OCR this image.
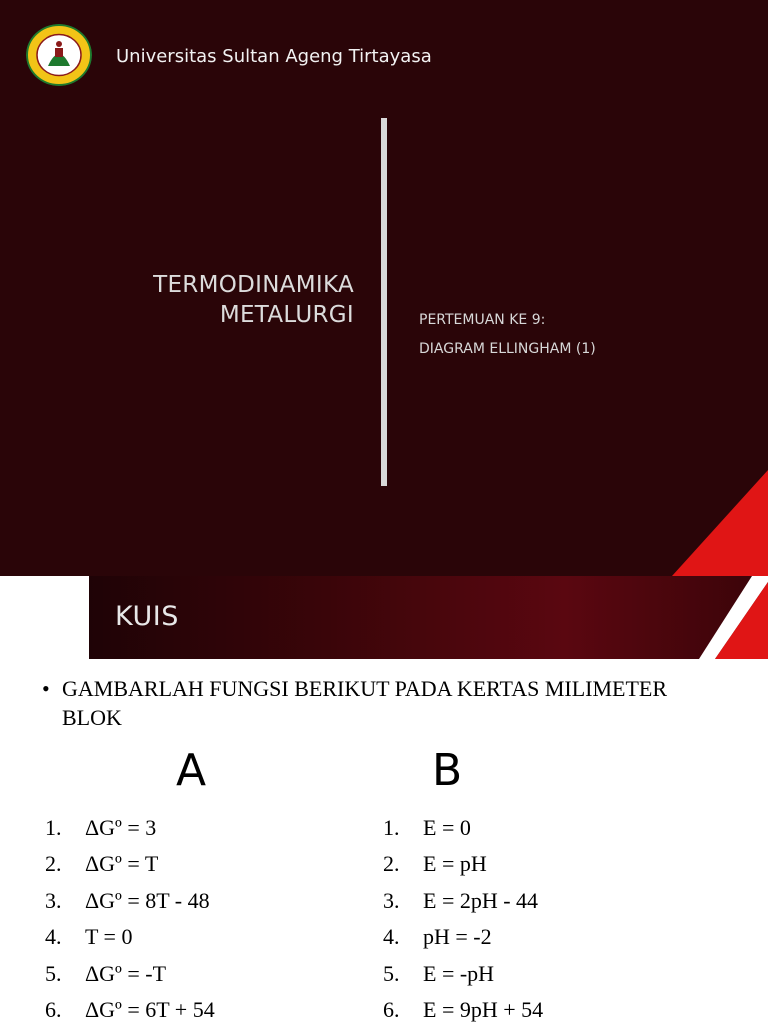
Universitas Sultan Ageng Tirtayasa
TERMODINAMIKA
METALURGI	PERTEMUAN KE 9:
DIAGRAM ELLINGHAM (1)
KUIS
• GAMBARLAH FUNGSI BERIKUT PADA KERTAS MILIMETER BLOK
A	B
1. ΔGº = 3
2. ΔGº = T
3. ΔGº = 8T - 48
4. T = 0
5. ΔGº = -T
6. ΔGº = 6T + 54
1. E = 0
2. E = pH
3. E = 2pH - 44
4. pH = -2
5. E = -pH
6. E = 9pH + 54
